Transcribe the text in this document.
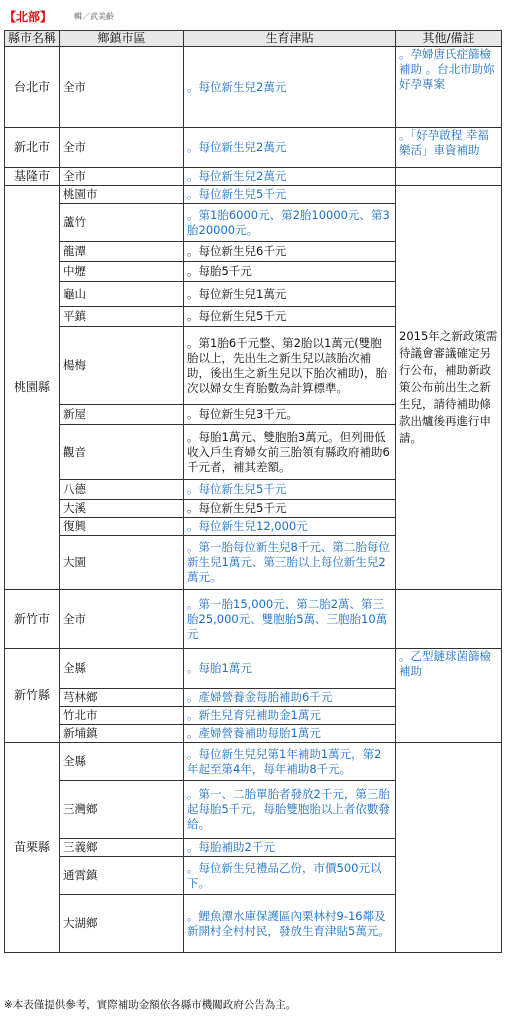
【北部】	輯／武美齡
縣市名稱	鄉鎮市區	生育津貼	其他/備註
台北市	全市	。每位新生兒2萬元	。孕婦唐氏症篩檢補助 。台北市助妳好孕專案
新北市	全市	。每位新生兒2萬元	。「好孕啟程 幸福樂活」車資補助
基隆市	全市	。每位新生兒2萬元	
桃園縣	桃園市	。每位新生兒5千元	2015年之新政策需待議會審議確定另行公布，補助新政策公布前出生之新生兒，請待補助條款出爐後再進行申請。
	蘆竹	。第1胎6000元、第2胎10000元、第3胎20000元。	
	龍潭	。每位新生兒6千元	
	中壢	。每胎5千元	
	龜山	。每位新生兒1萬元	
	平鎮	。每位新生兒5千元	
	楊梅	。第1胎6千元整、第2胎以1萬元(雙胞胎以上，先出生之新生兒以該胎次補助，後出生之新生兒以下胎次補助)，胎次以婦女生育胎數為計算標準。	
	新屋	。每位新生兒3千元。	
	觀音	。每胎1萬元、雙胞胎3萬元。但列冊低收入戶生育婦女前三胎領有縣政府補助6千元者，補其差額。	
	八德	。每位新生兒5千元	
	大溪	。每位新生兒5千元	
	復興	。每位新生兒12,000元	
	大園	。第一胎每位新生兒8千元、第二胎每位新生兒1萬元、第三胎以上每位新生兒2萬元。	
新竹市	全市	。第一胎15,000元、第二胎2萬、第三胎25,000元、雙胞胎5萬、三胞胎10萬元	
新竹縣	全縣	。每胎1萬元	。乙型鏈球菌篩檢補助
	芎林鄉	。產婦營養金每胎補助6千元	
	竹北市	。新生兒育兒補助金1萬元	
	新埔鎮	。產婦營養補助每胎1萬元	
苗栗縣	全縣	。每位新生兒兒第1年補助1萬元，第2年起至第4年，每年補助8千元。	
	三灣鄉	。第一、二胎單胎者發放2千元，第三胎起每胎5千元，每胎雙胞胎以上者依數發給。	
	三義鄉	。每胎補助2千元	
	通霄鎮	。每位新生兒禮品乙份，市價500元以下。	
	大湖鄉	。鯉魚潭水庫保護區內栗林村9-16鄰及新開村全村村民，發放生育津貼5萬元。	
※本表僅提供參考，實際補助金額依各縣市機關政府公告為主。
